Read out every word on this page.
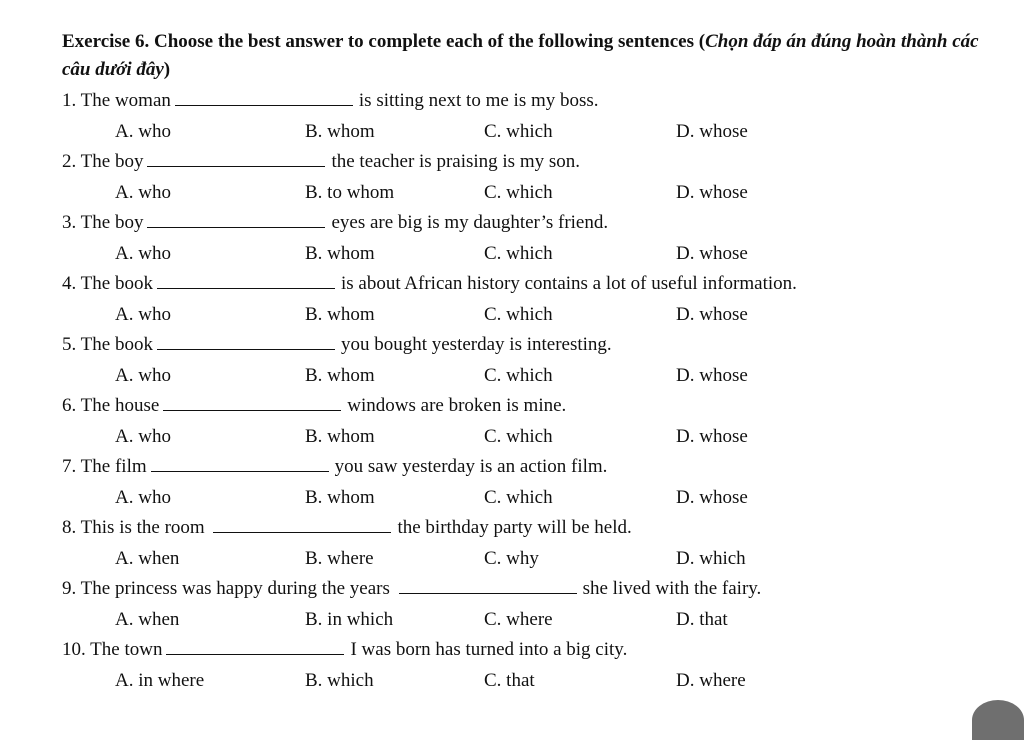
Exercise 6. Choose the best answer to complete each of the following sentences (Chọn đáp án đúng hoàn thành các câu dưới đây)
1. The woman	is sitting next to me is my boss.
A. who	B. whom	C. which	D. whose
2. The boy	the teacher is praising is my son.
A. who	B. to whom	C. which	D. whose
3. The boy	eyes are big is my daughter’s friend.
A. who	B. whom	C. which	D. whose
4. The book	is about African history contains a lot of useful information.
A. who	B. whom	C. which	D. whose
5. The book	you bought yesterday is interesting.
A. who	B. whom	C. which	D. whose
6. The house	windows are broken is mine.
A. who	B. whom	C. which	D. whose
7. The film	you saw yesterday is an action film.
A. who	B. whom	C. which	D. whose
8. This is the room	the birthday party will be held.
A. when	B. where	C. why	D. which
9. The princess was happy during the years	she lived with the fairy.
A. when	B. in which	C. where	D. that
10. The town	I was born has turned into a big city.
A. in where	B. which	C. that	D. where
